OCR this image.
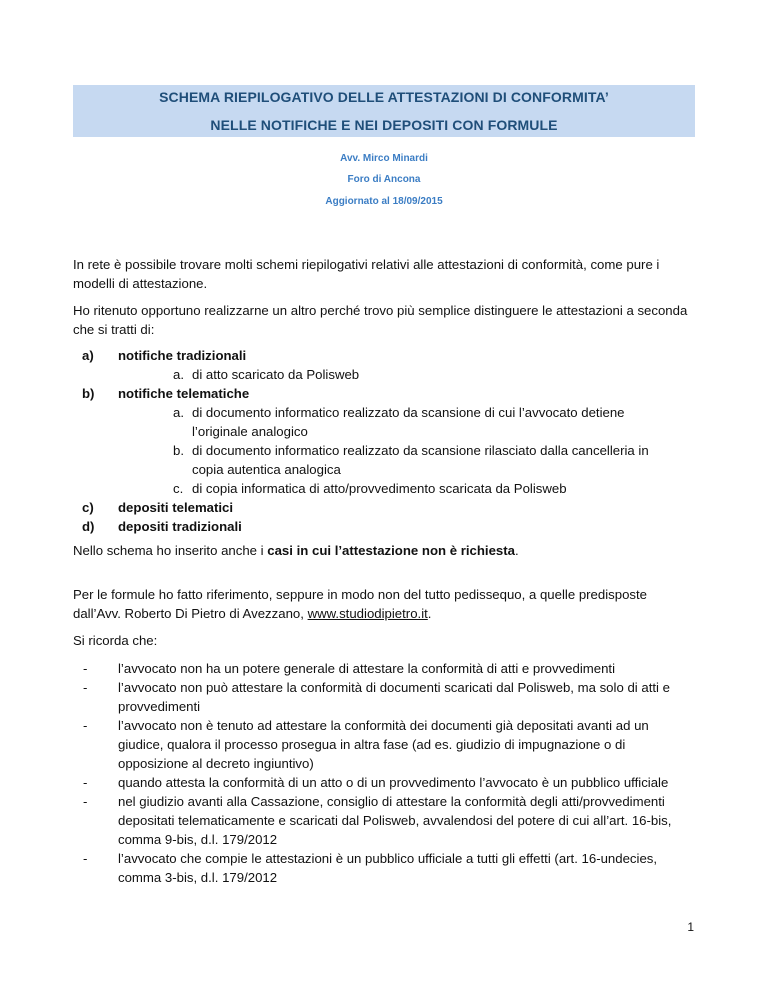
SCHEMA RIEPILOGATIVO DELLE ATTESTAZIONI DI CONFORMITA’
NELLE NOTIFICHE E NEI DEPOSITI CON FORMULE
Avv. Mirco Minardi
Foro di Ancona
Aggiornato al 18/09/2015
In rete è possibile trovare molti schemi riepilogativi relativi alle attestazioni di conformità, come pure i modelli di attestazione.
Ho ritenuto opportuno realizzarne un altro perché trovo più semplice distinguere le attestazioni a seconda che si tratti di:
a) notifiche tradizionali
a. di atto scaricato da Polisweb
b) notifiche telematiche
a. di documento informatico realizzato da scansione di cui l’avvocato detiene l’originale analogico
b. di documento informatico realizzato da scansione rilasciato dalla cancelleria in copia autentica analogica
c. di copia informatica di atto/provvedimento scaricata da Polisweb
c) depositi telematici
d) depositi tradizionali
Nello schema ho inserito anche i casi in cui l’attestazione non è richiesta.
Per le formule ho fatto riferimento, seppure in modo non del tutto pedissequo, a quelle predisposte dall’Avv. Roberto Di Pietro di Avezzano, www.studiodipietro.it.
Si ricorda che:
- l’avvocato non ha un potere generale di attestare la conformità di atti e provvedimenti
- l’avvocato non può attestare la conformità di documenti scaricati dal Polisweb, ma solo di atti e provvedimenti
- l’avvocato non è tenuto ad attestare la conformità dei documenti già depositati avanti ad un giudice, qualora il processo prosegua in altra fase (ad es. giudizio di impugnazione o di opposizione al decreto ingiuntivo)
- quando attesta la conformità di un atto o di un provvedimento l’avvocato è un pubblico ufficiale
- nel giudizio avanti alla Cassazione, consiglio di attestare la conformità degli atti/provvedimenti depositati telematicamente e scaricati dal Polisweb, avvalendosi del potere di cui all’art. 16-bis, comma 9-bis, d.l. 179/2012
- l’avvocato che compie le attestazioni è un pubblico ufficiale a tutti gli effetti (art. 16-undecies, comma 3-bis, d.l. 179/2012
1
